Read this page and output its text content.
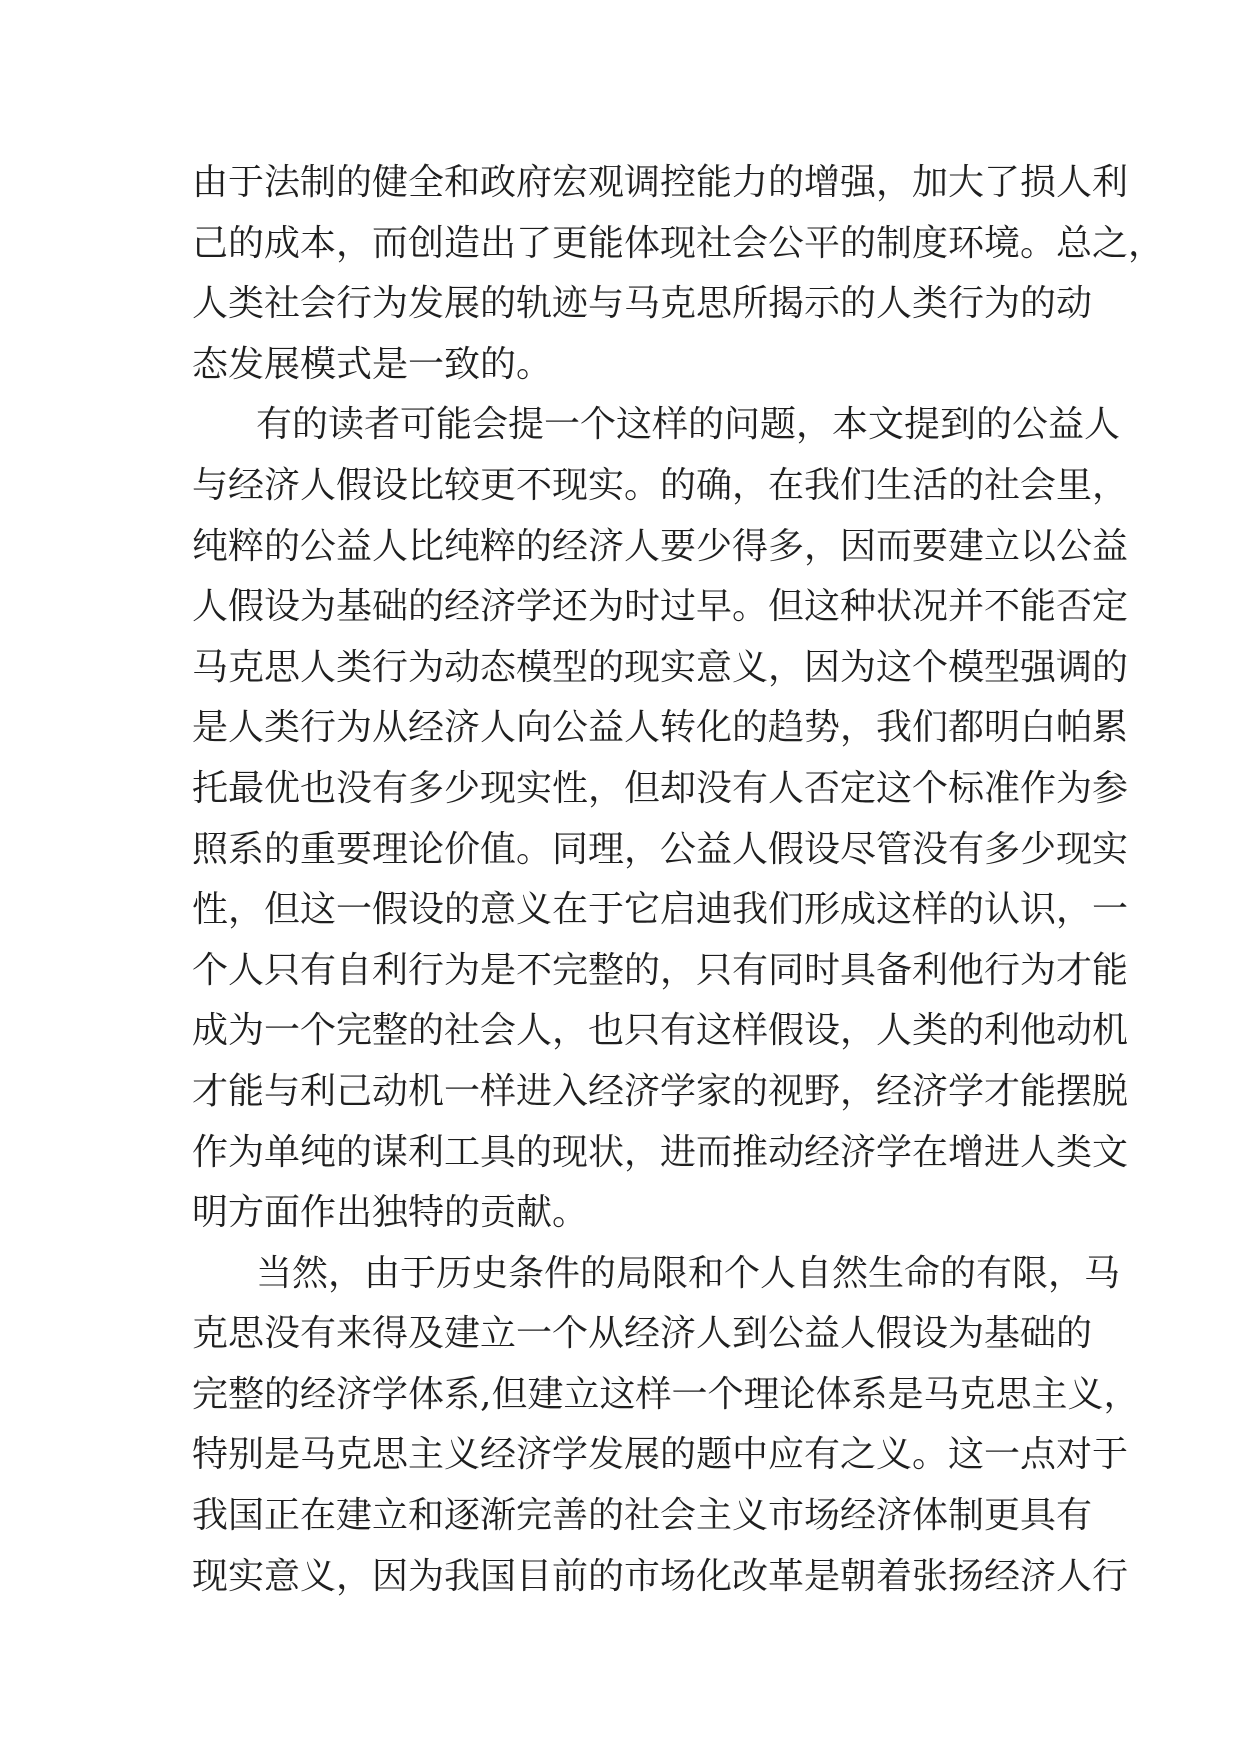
由于法制的健全和政府宏观调控能力的增强，加大了损人利
己的成本，而创造出了更能体现社会公平的制度环境。总之，
人类社会行为发展的轨迹与马克思所揭示的人类行为的动
态发展模式是一致的。
有的读者可能会提一个这样的问题，本文提到的公益人
与经济人假设比较更不现实。的确，在我们生活的社会里，
纯粹的公益人比纯粹的经济人要少得多，因而要建立以公益
人假设为基础的经济学还为时过早。但这种状况并不能否定
马克思人类行为动态模型的现实意义，因为这个模型强调的
是人类行为从经济人向公益人转化的趋势，我们都明白帕累
托最优也没有多少现实性，但却没有人否定这个标准作为参
照系的重要理论价值。同理，公益人假设尽管没有多少现实
性，但这一假设的意义在于它启迪我们形成这样的认识，一
个人只有自利行为是不完整的，只有同时具备利他行为才能
成为一个完整的社会人，也只有这样假设，人类的利他动机
才能与利己动机一样进入经济学家的视野，经济学才能摆脱
作为单纯的谋利工具的现状，进而推动经济学在增进人类文
明方面作出独特的贡献。
当然，由于历史条件的局限和个人自然生命的有限，马
克思没有来得及建立一个从经济人到公益人假设为基础的
完整的经济学体系,但建立这样一个理论体系是马克思主义，
特别是马克思主义经济学发展的题中应有之义。这一点对于
我国正在建立和逐渐完善的社会主义市场经济体制更具有
现实意义，因为我国目前的市场化改革是朝着张扬经济人行
